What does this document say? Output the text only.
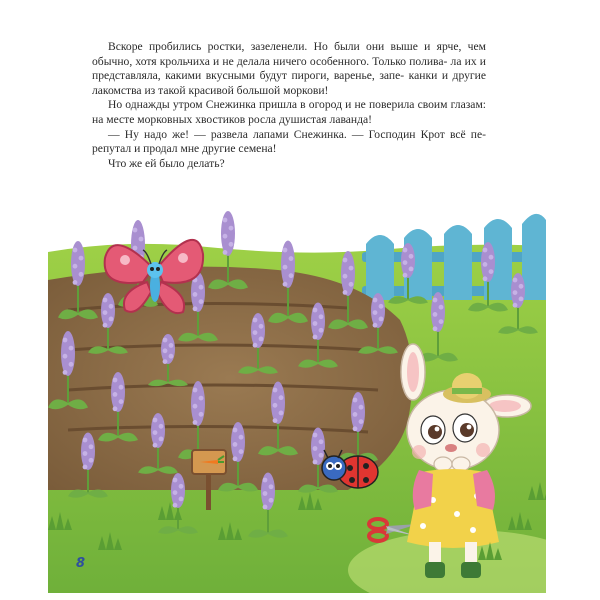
Вскоре пробились ростки, зазеленели. Но были они выше и ярче, чем обычно, хотя крольчиха и не делала ничего особенного. Только полива- ла их и представляла, какими вкусными будут пироги, варенье, запе- канки и другие лакомства из такой красивой большой моркови!

Но однажды утром Снежинка пришла в огород и не поверила своим глазам: на месте морковных хвостиков росла душистая лаванда!

— Ну надо же! — развела лапами Снежинка. — Господин Крот всё пе- репутал и продал мне другие семена!

Что же ей было делать?

8
